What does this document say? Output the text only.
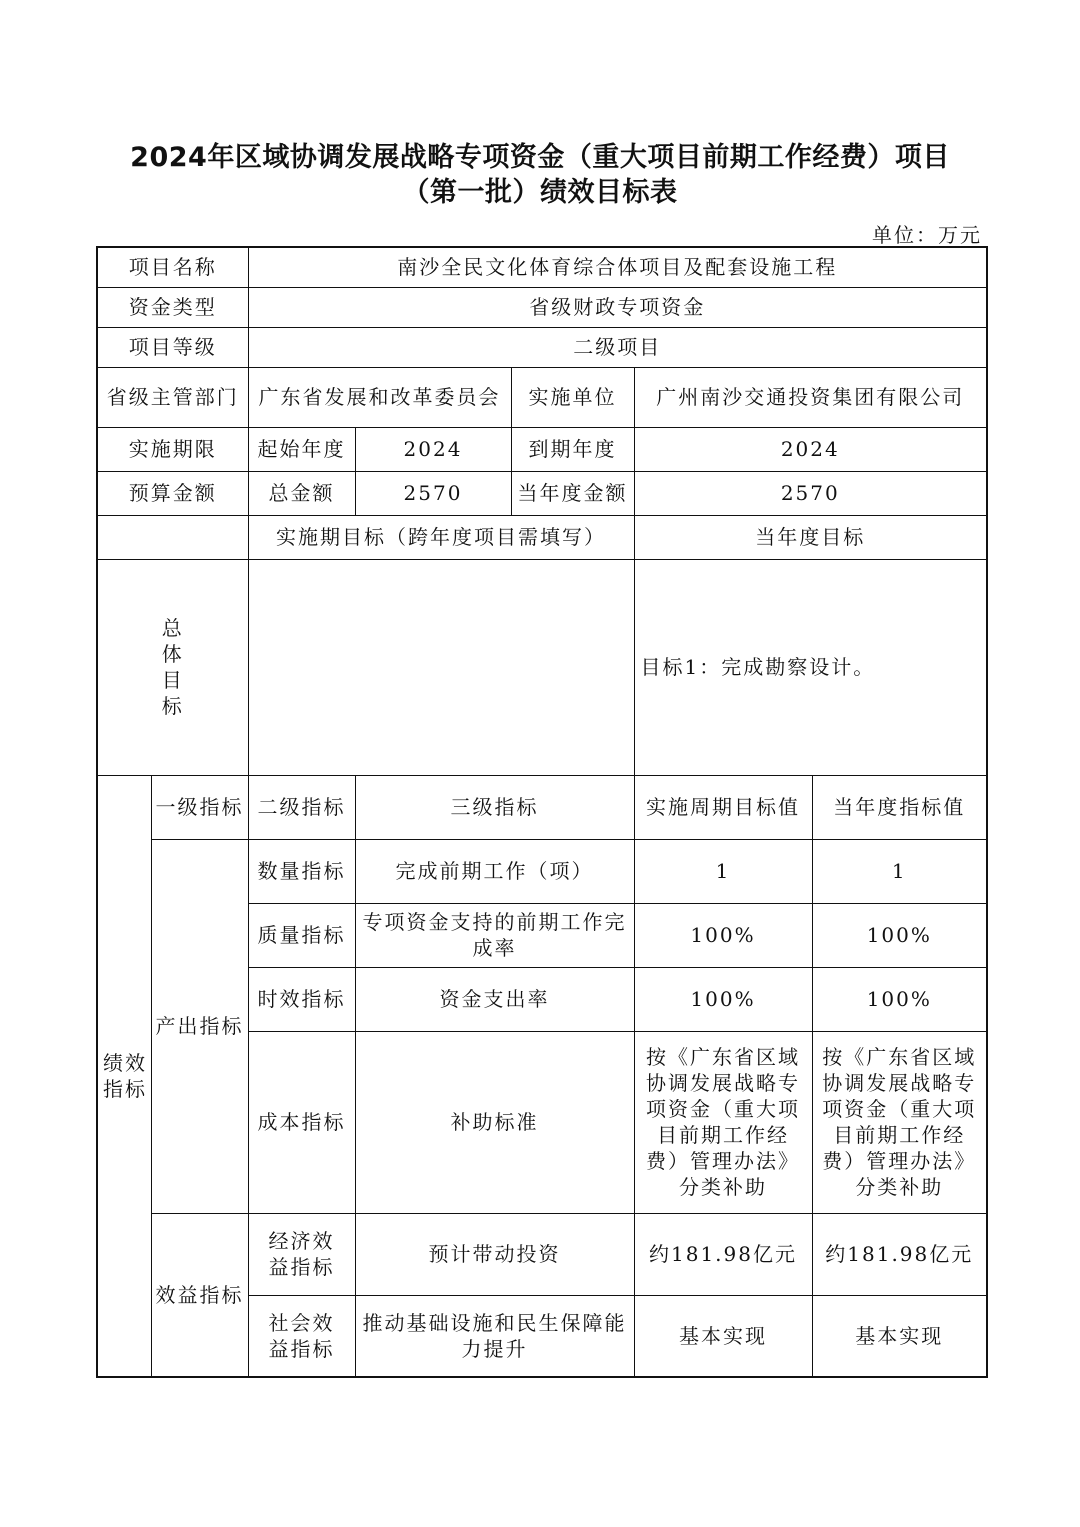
2024年区域协调发展战略专项资金（重大项目前期工作经费）项目
（第一批）绩效目标表
单位：万元
项目名称		南沙全民文化体育综合体项目及配套设施工程				
资金类型		省级财政专项资金				
项目等级		二级项目				
省级主管部门		广东省发展和改革委员会		实施单位	广州南沙交通投资集团有限公司	
实施期限		起始年度	2024	到期年度	2024	
预算金额		总金额	2570	当年度金额	2570	
		实施期目标（跨年度项目需填写）			当年度目标	

总体目标					目标1：完成勘察设计。	

绩效指标	一级指标	二级指标	三级指标		实施周期目标值	当年度指标值
	产出指标	数量指标	完成前期工作（项）		1	1
		质量指标	专项资金支持的前期工作完成率		100%	100%
		时效指标	资金支出率		100%	100%
		成本指标	补助标准		按《广东省区域协调发展战略专项资金（重大项目前期工作经费）管理办法》分类补助	按《广东省区域协调发展战略专项资金（重大项目前期工作经费）管理办法》分类补助
	效益指标	经济效益指标	预计带动投资		约181.98亿元	约181.98亿元
		社会效益指标	推动基础设施和民生保障能力提升		基本实现	基本实现
